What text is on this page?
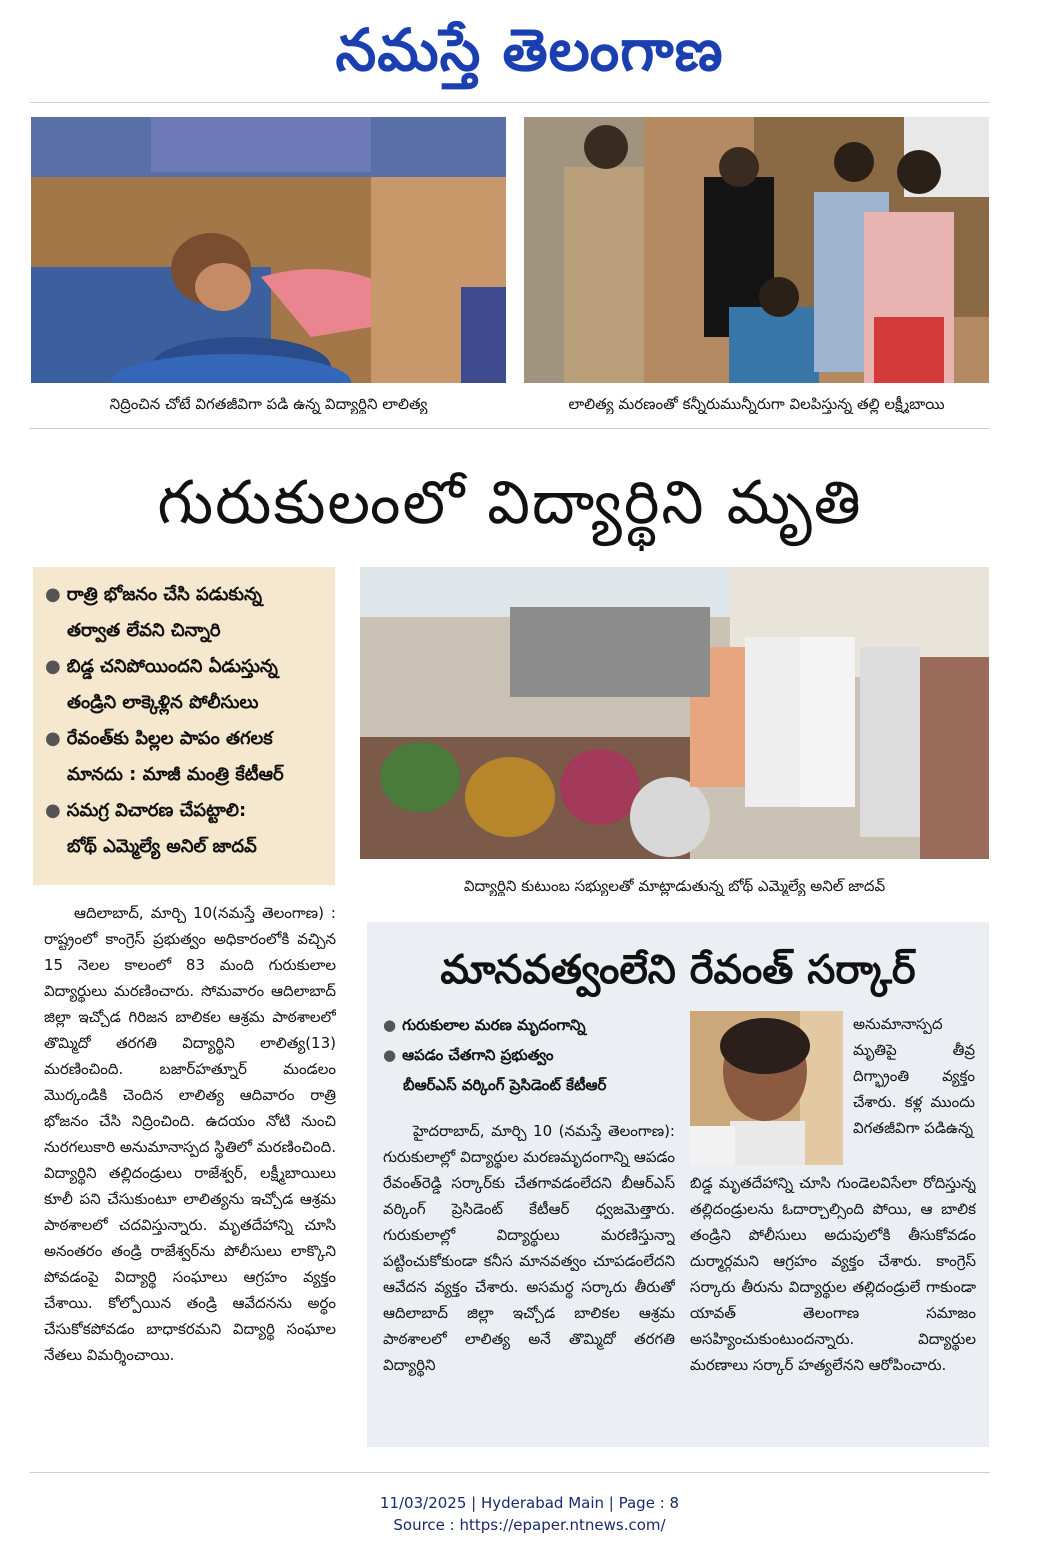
నమస్తే తెలంగాణ
నిద్రించిన చోటే విగతజీవిగా పడి ఉన్న విద్యార్థిని లాలిత్య	లాలిత్య మరణంతో కన్నీరుమున్నీరుగా విలపిస్తున్న తల్లి లక్ష్మీబాయి
గురుకులంలో విద్యార్థిని మృతి
● రాత్రి భోజనం చేసి పడుకున్న
తర్వాత లేవని చిన్నారి
● బిడ్డ చనిపోయిందని ఏడుస్తున్న
తండ్రిని లాక్కెళ్లిన పోలీసులు
● రేవంత్‌కు పిల్లల పాపం తగలక
మానదు : మాజీ మంత్రి కేటీఆర్
● సమగ్ర విచారణ చేపట్టాలి:
బోథ్ ఎమ్మెల్యే అనిల్ జాదవ్
విద్యార్థిని కుటుంబ సభ్యులతో మాట్లాడుతున్న బోథ్ ఎమ్మెల్యే అనిల్ జాదవ్

ఆదిలాబాద్, మార్చి 10(నమస్తే తెలంగాణ) : రాష్ట్రంలో కాంగ్రెస్ ప్రభుత్వం అధికారంలోకి వచ్చిన 15 నెలల కాలంలో 83 మంది గురుకులాల విద్యార్థులు మరణించారు. సోమవారం ఆదిలాబాద్ జిల్లా ఇచ్చోడ గిరిజన బాలికల ఆశ్రమ పాఠశాలలో తొమ్మిదో తరగతి విద్యార్థిని లాలిత్య(13) మరణించింది. బజార్‌హత్నూర్ మండలం మొర్కండికి చెందిన లాలిత్య ఆదివారం రాత్రి భోజనం చేసి నిద్రించింది. ఉదయం నోటి నుంచి నురగలుకారి అనుమానాస్పద స్థితిలో మరణించింది. విద్యార్థిని తల్లిదండ్రులు రాజేశ్వర్, లక్ష్మీబాయిలు కూలీ పని చేసుకుంటూ లాలిత్యను ఇచ్చోడ ఆశ్రమ పాఠశాలలో చదవిస్తున్నారు. మృతదేహాన్ని చూసి అనంతరం తండ్రి రాజేశ్వర్‌ను పోలీసులు లాక్కొని పోవడంపై విద్యార్థి సంఘాలు ఆగ్రహం వ్యక్తం చేశాయి. కోల్పోయిన తండ్రి ఆవేదనను అర్థం చేసుకోకపోవడం బాధాకరమని విద్యార్థి సంఘాల నేతలు విమర్శించాయి.

మానవత్వంలేని రేవంత్ సర్కార్
● గురుకులాల మరణ మృదంగాన్ని
● ఆపడం చేతగాని ప్రభుత్వం
బీఆర్‌ఎస్ వర్కింగ్ ప్రెసిడెంట్ కేటీఆర్

అనుమానాస్పద మృతిపై తీవ్ర దిగ్భ్రాంతి వ్యక్తం చేశారు. కళ్ల ముందు విగతజీవిగా పడిఉన్న

హైదరాబాద్, మార్చి 10 (నమస్తే తెలంగాణ): గురుకులాల్లో విద్యార్థుల మరణమృదంగాన్ని ఆపడం రేవంత్‌రెడ్డి సర్కార్‌కు చేతగావడంలేదని బీఆర్‌ఎస్ వర్కింగ్ ప్రెసిడెంట్ కేటీఆర్ ధ్వజమెత్తారు. గురుకులాల్లో విద్యార్థులు మరణిస్తున్నా పట్టించుకోకుండా కనీస మానవత్వం చూపడంలేదని ఆవేదన వ్యక్తం చేశారు. అసమర్థ సర్కారు తీరుతో ఆదిలాబాద్ జిల్లా ఇచ్చోడ బాలికల ఆశ్రమ పాఠశాలలో లాలిత్య అనే తొమ్మిదో తరగతి విద్యార్థిని

బిడ్డ మృతదేహాన్ని చూసి గుండెలవిసేలా రోదిస్తున్న తల్లిదండ్రులను ఓదార్చాల్సింది పోయి, ఆ బాలిక తండ్రిని పోలీసులు అదుపులోకి తీసుకోవడం దుర్మార్గమని ఆగ్రహం వ్యక్తం చేశారు. కాంగ్రెస్ సర్కారు తీరును విద్యార్థుల తల్లిదండ్రులే గాకుండా యావత్ తెలంగాణ సమాజం అసహ్యించుకుంటుందన్నారు. విద్యార్థుల మరణాలు సర్కార్ హత్యలేనని ఆరోపించారు.

11/03/2025 | Hyderabad Main | Page : 8
Source : https://epaper.ntnews.com/
